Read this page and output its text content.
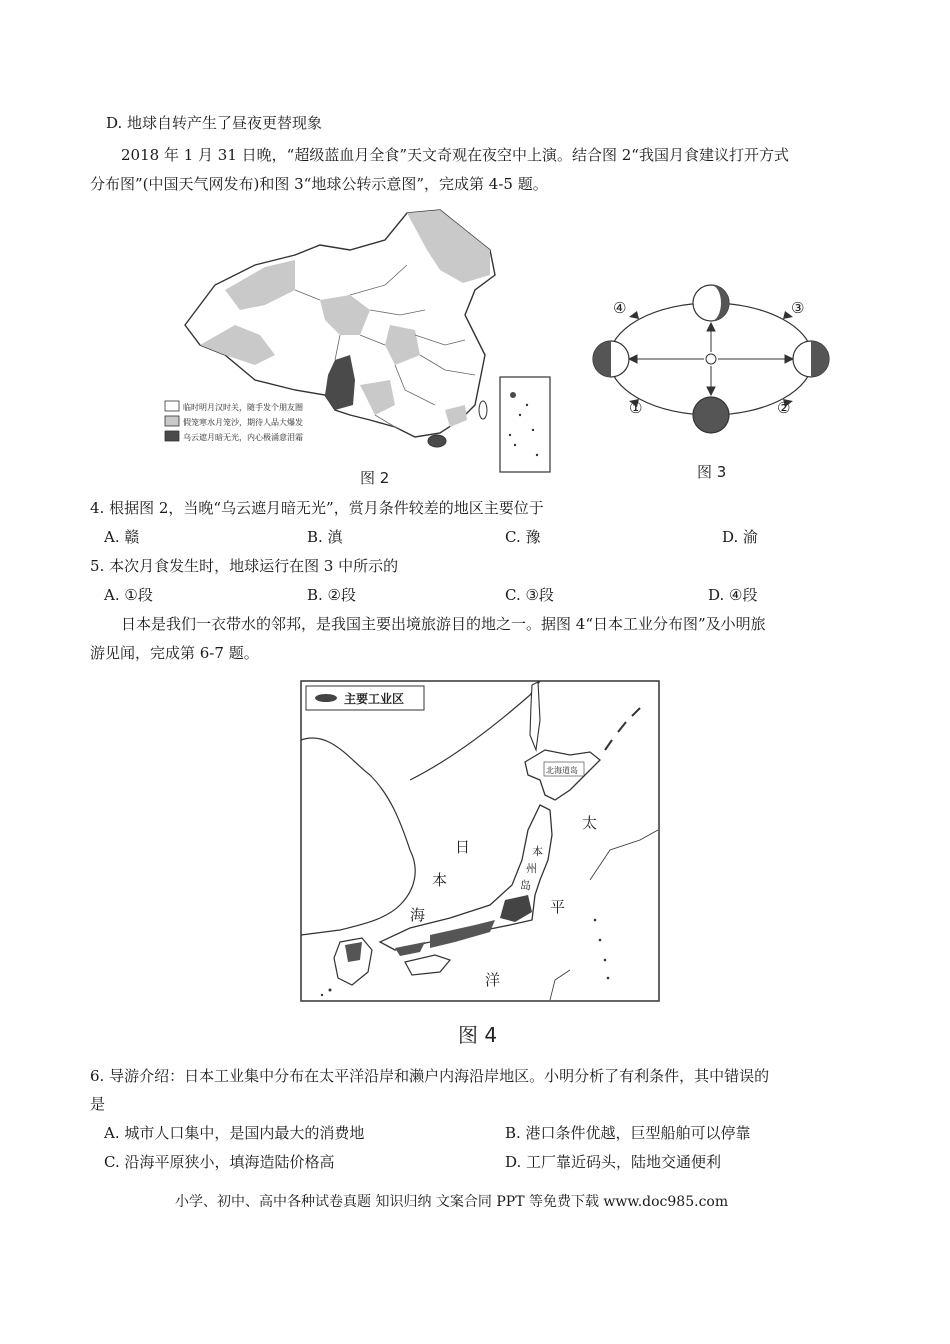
D. 地球自转产生了昼夜更替现象
2018 年 1 月 31 日晚，“超级蓝血月全食”天文奇观在夜空中上演。结合图 2“我国月食建议打开方式
分布图”(中国天气网发布)和图 3“地球公转示意图”，完成第 4-5 题。
临时明月汉时关，随手发个朋友圈
假笼寒水月笼沙，期待人品大爆发
乌云遮月暗无光，内心极涌意泪霜
图 2
④	③
①	②
图 3
4. 根据图 2，当晚“乌云遮月暗无光”，赏月条件较差的地区主要位于
A. 赣	B. 滇	C. 豫	D. 渝
5. 本次月食发生时，地球运行在图 3 中所示的
A. ①段	B. ②段	C. ③段	D. ④段
日本是我们一衣带水的邻邦，是我国主要出境旅游目的地之一。据图 4“日本工业分布图”及小明旅
游见闻，完成第 6-7 题。
主要工业区
北海道岛
日
本
海
太
平
洋
本
州
岛
图 4
6. 导游介绍：日本工业集中分布在太平洋沿岸和濑户内海沿岸地区。小明分析了有利条件，其中错误的
是
A. 城市人口集中，是国内最大的消费地	B. 港口条件优越，巨型船舶可以停靠
C. 沿海平原狭小，填海造陆价格高	D. 工厂靠近码头，陆地交通便利
小学、初中、高中各种试卷真题 知识归纳 文案合同 PPT 等免费下载 www.doc985.com
